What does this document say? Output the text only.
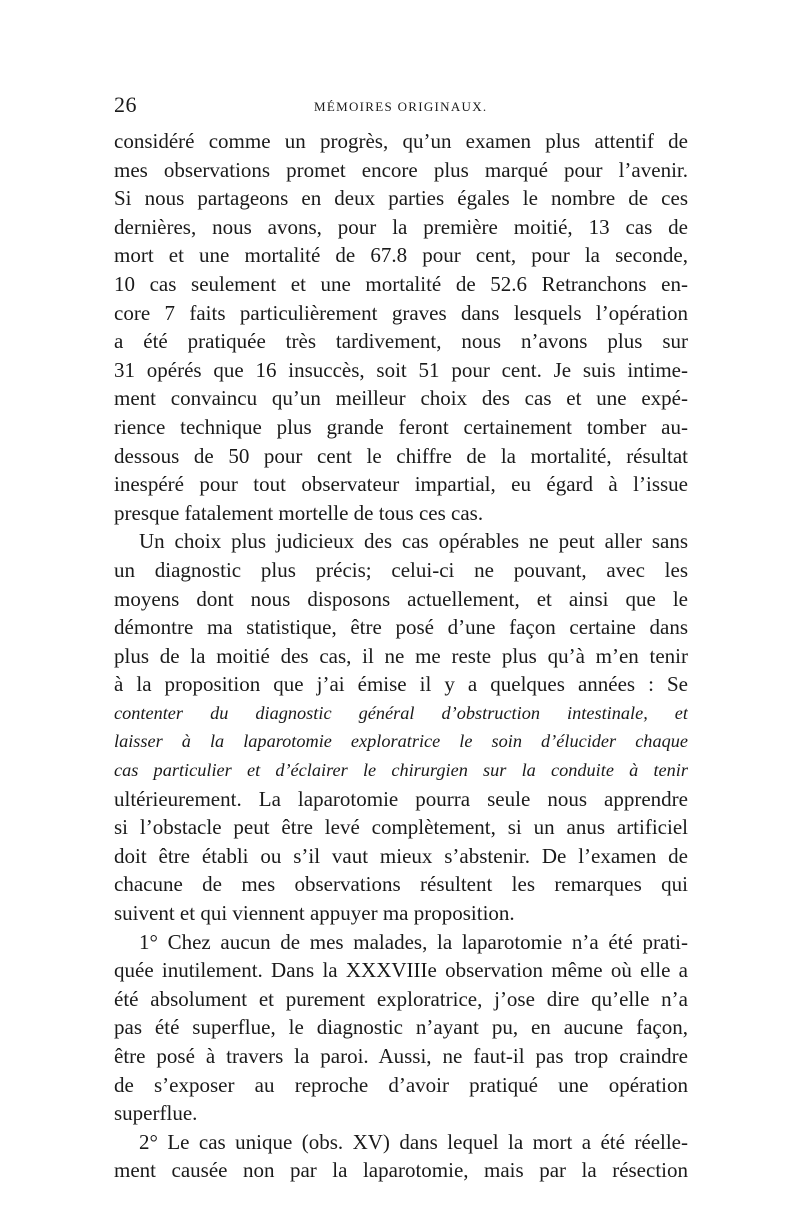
26	MÉMOIRES ORIGINAUX.
considéré comme un progrès, qu’un examen plus attentif de
mes observations promet encore plus marqué pour l’avenir.
Si nous partageons en deux parties égales le nombre de ces
dernières, nous avons, pour la première moitié, 13 cas de
mort et une mortalité de 67.8 pour cent, pour la seconde,
10 cas seulement et une mortalité de 52.6 Retranchons en-
core 7 faits particulièrement graves dans lesquels l’opération
a été pratiquée très tardivement, nous n’avons plus sur
31 opérés que 16 insuccès, soit 51 pour cent. Je suis intime-
ment convaincu qu’un meilleur choix des cas et une expé-
rience technique plus grande feront certainement tomber au-
dessous de 50 pour cent le chiffre de la mortalité, résultat
inespéré pour tout observateur impartial, eu égard à l’issue
presque fatalement mortelle de tous ces cas.
Un choix plus judicieux des cas opérables ne peut aller sans
un diagnostic plus précis; celui-ci ne pouvant, avec les
moyens dont nous disposons actuellement, et ainsi que le
démontre ma statistique, être posé d’une façon certaine dans
plus de la moitié des cas, il ne me reste plus qu’à m’en tenir
à la proposition que j’ai émise il y a quelques années : Se
contenter du diagnostic général d’obstruction intestinale, et
laisser à la laparotomie exploratrice le soin d’élucider chaque
cas particulier et d’éclairer le chirurgien sur la conduite à tenir
ultérieurement. La laparotomie pourra seule nous apprendre
si l’obstacle peut être levé complètement, si un anus artificiel
doit être établi ou s’il vaut mieux s’abstenir. De l’examen de
chacune de mes observations résultent les remarques qui
suivent et qui viennent appuyer ma proposition.
1° Chez aucun de mes malades, la laparotomie n’a été prati-
quée inutilement. Dans la XXXVIIIe observation même où elle a
été absolument et purement exploratrice, j’ose dire qu’elle n’a
pas été superflue, le diagnostic n’ayant pu, en aucune façon,
être posé à travers la paroi. Aussi, ne faut-il pas trop craindre
de s’exposer au reproche d’avoir pratiqué une opération
superflue.
2° Le cas unique (obs. XV) dans lequel la mort a été réelle-
ment causée non par la laparotomie, mais par la résection
